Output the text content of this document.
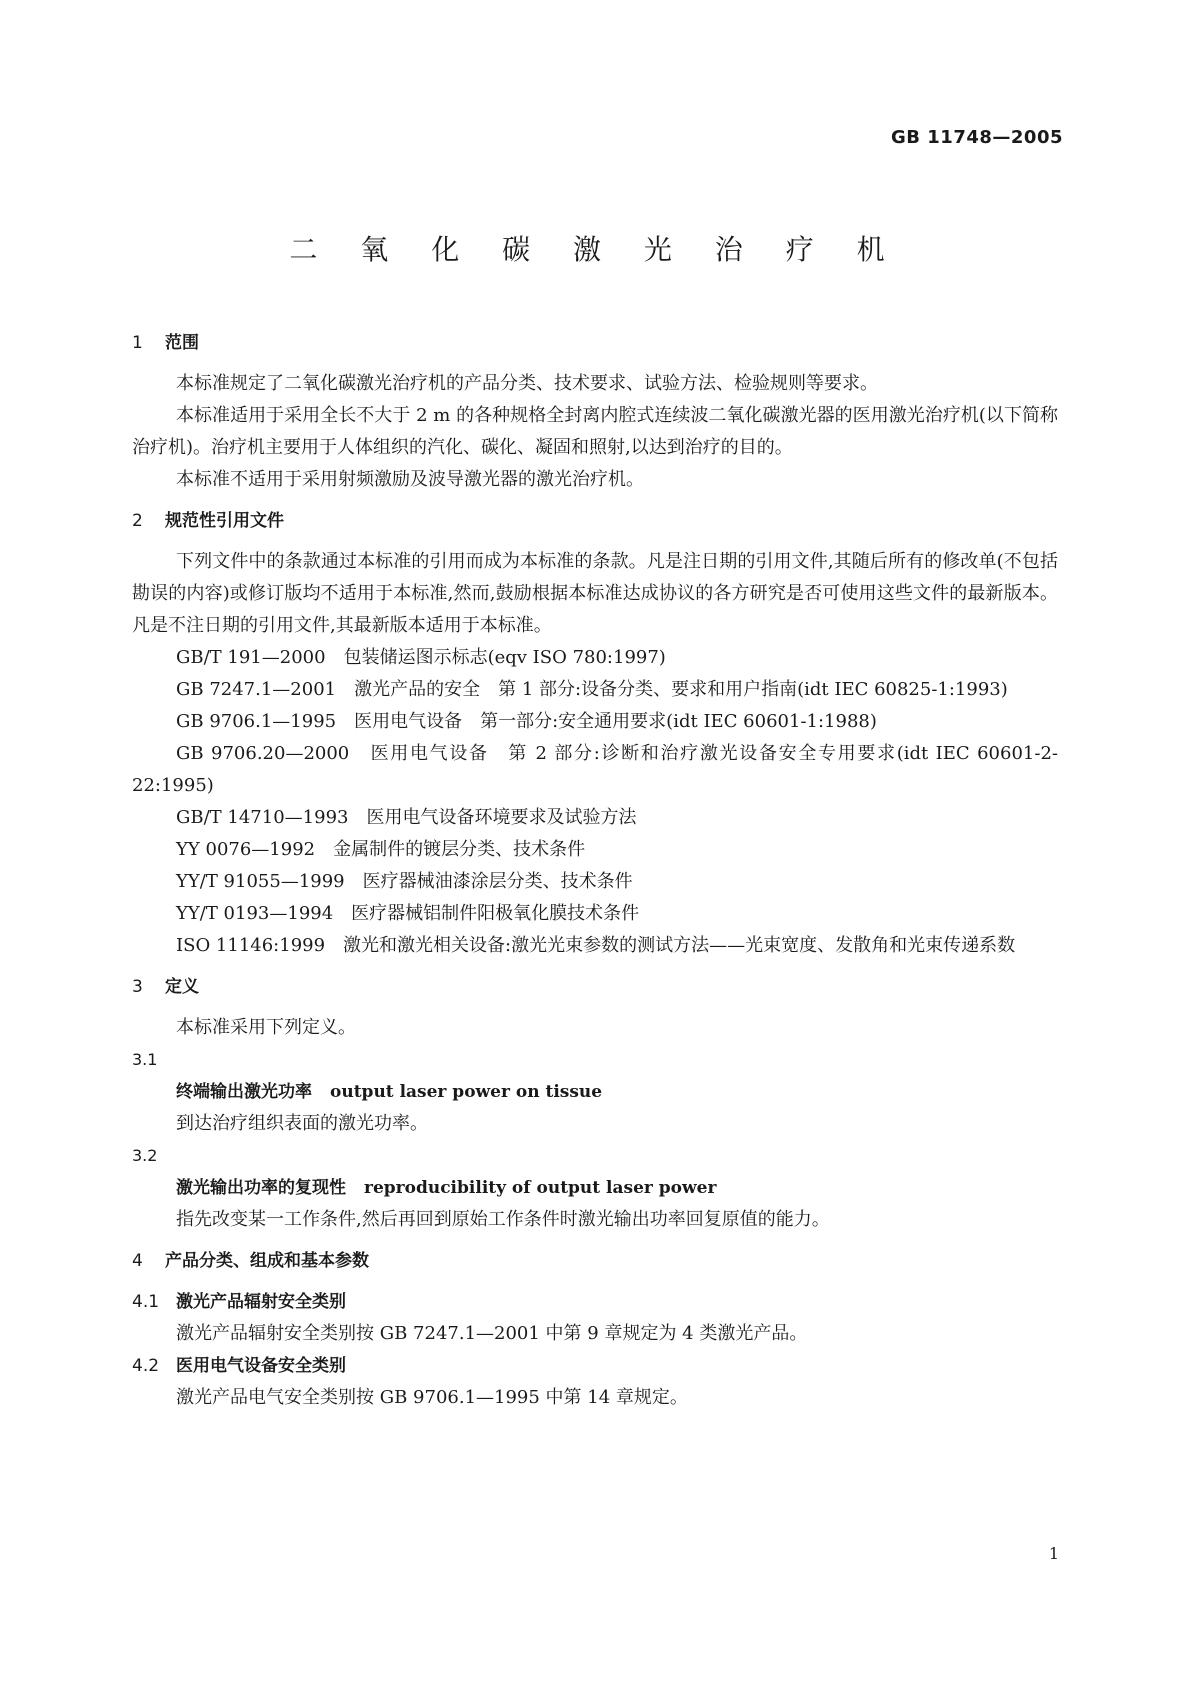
GB 11748—2005
二 氧 化 碳 激 光 治 疗 机

1 范围

本标准规定了二氧化碳激光治疗机的产品分类、技术要求、试验方法、检验规则等要求。

本标准适用于采用全长不大于 2 m 的各种规格全封离内腔式连续波二氧化碳激光器的医用激光治疗机(以下简称治疗机)。治疗机主要用于人体组织的汽化、碳化、凝固和照射,以达到治疗的目的。

本标准不适用于采用射频激励及波导激光器的激光治疗机。

2 规范性引用文件

下列文件中的条款通过本标准的引用而成为本标准的条款。凡是注日期的引用文件,其随后所有的修改单(不包括勘误的内容)或修订版均不适用于本标准,然而,鼓励根据本标准达成协议的各方研究是否可使用这些文件的最新版本。凡是不注日期的引用文件,其最新版本适用于本标准。

GB/T 191—2000　包装储运图示标志(eqv ISO 780:1997)

GB 7247.1—2001　激光产品的安全　第 1 部分:设备分类、要求和用户指南(idt IEC 60825-1:1993)

GB 9706.1—1995　医用电气设备　第一部分:安全通用要求(idt IEC 60601-1:1988)

GB 9706.20—2000　医用电气设备　第 2 部分:诊断和治疗激光设备安全专用要求(idt IEC 60601-2-22:1995)

GB/T 14710—1993　医用电气设备环境要求及试验方法

YY 0076—1992　金属制件的镀层分类、技术条件

YY/T 91055—1999　医疗器械油漆涂层分类、技术条件

YY/T 0193—1994　医疗器械铝制件阳极氧化膜技术条件

ISO 11146:1999　激光和激光相关设备:激光光束参数的测试方法——光束宽度、发散角和光束传递系数

3 定义

本标准采用下列定义。

3.1

终端输出激光功率 output laser power on tissue

到达治疗组织表面的激光功率。

3.2

激光输出功率的复现性 reproducibility of output laser power

指先改变某一工作条件,然后再回到原始工作条件时激光输出功率回复原值的能力。

4 产品分类、组成和基本参数

4.1 激光产品辐射安全类别

激光产品辐射安全类别按 GB 7247.1—2001 中第 9 章规定为 4 类激光产品。

4.2 医用电气设备安全类别

激光产品电气安全类别按 GB 9706.1—1995 中第 14 章规定。

1
